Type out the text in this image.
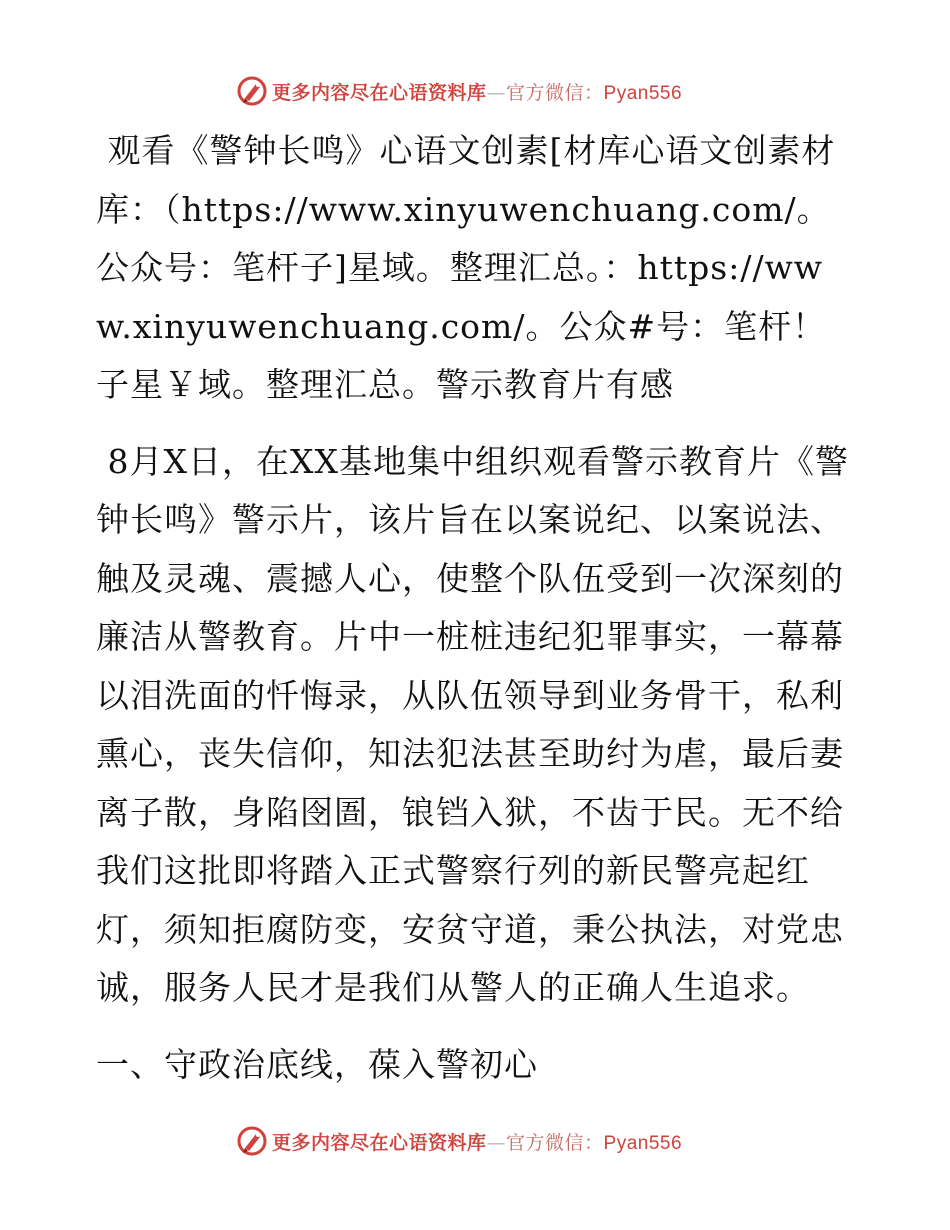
更多内容尽在心语资料库—官方微信：Pyan556

观看《警钟长鸣》心语文创素[材库心语文创素材库：（https://www.xinyuwenchuang.com/。公众号：笔杆子]星域。整理汇总。：https://www.xinyuwenchuang.com/。公众#号：笔杆！子星￥域。整理汇总。警示教育片有感

8月X日，在XX基地集中组织观看警示教育片《警钟长鸣》警示片，该片旨在以案说纪、以案说法、触及灵魂、震撼人心，使整个队伍受到一次深刻的廉洁从警教育。片中一桩桩违纪犯罪事实，一幕幕以泪洗面的忏悔录，从队伍领导到业务骨干，私利熏心，丧失信仰，知法犯法甚至助纣为虐，最后妻离子散，身陷囹圄，锒铛入狱，不齿于民。无不给我们这批即将踏入正式警察行列的新民警亮起红灯，须知拒腐防变，安贫守道，秉公执法，对党忠诚，服务人民才是我们从警人的正确人生追求。

一、守政治底线，葆入警初心

更多内容尽在心语资料库—官方微信：Pyan556
